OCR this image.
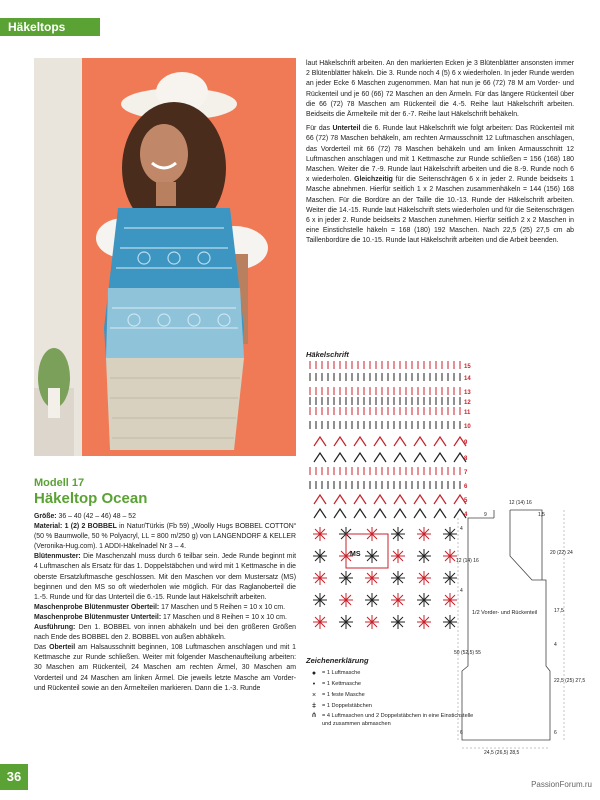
Häkeltops

laut Häkelschrift arbeiten. An den markierten Ecken je 3 Blütenblätter ansonsten immer 2 Blütenblätter häkeln. Die 3. Runde noch 4 (5) 6 x wiederholen. In jeder Runde werden an jeder Ecke 6 Maschen zugenommen. Man hat nun je 66 (72) 78 M am Vorder- und Rückenteil und je 60 (66) 72 Maschen an den Ärmeln. Für das längere Rückenteil über die 66 (72) 78 Maschen am Rückenteil die 4.-5. Reihe laut Häkelschrift arbeiten. Beidseits die Ärmelteile mit der 6.-7. Reihe laut Häkelschrift behäkeln.

Für das Unterteil die 6. Runde laut Häkelschrift wie folgt arbeiten: Das Rückenteil mit 66 (72) 78 Maschen behäkeln, am rechten Armausschnitt 12 Luftmaschen anschlagen, das Vorderteil mit 66 (72) 78 Maschen behäkeln und am linken Armausschnitt 12 Luftmaschen anschlagen und mit 1 Kettmasche zur Runde schließen = 156 (168) 180 Maschen. Weiter die 7.-9. Runde laut Häkelschrift arbeiten und die 8.-9. Runde noch 6 x wiederholen. Gleichzeitig für die Seitenschrägen 6 x in jeder 2. Runde beidseits 1 Masche abnehmen. Hierfür seitlich 1 x 2 Maschen zusammenhäkeln = 144 (156) 168 Maschen. Für die Bordüre an der Taille die 10.-13. Runde der Häkelschrift arbeiten. Weiter die 14.-15. Runde laut Häkelschrift stets wiederholen und für die Seitenschrägen 6 x in jeder 2. Runde beidseits 2 Maschen zunehmen. Hierfür seitlich 2 x 2 Maschen in eine Einstichstelle häkeln = 168 (180) 192 Maschen. Nach 22,5 (25) 27,5 cm ab Taillenbordüre die 10.-15. Runde laut Häkelschrift arbeiten und die Arbeit beenden.

Häkelschrift
15
14
13
12
11
10
9
8
7
6
5
4
MS
Zeichenerklärung
●	= 1 Luftmasche
•	= 1 Kettmasche
×	= 1 feste Masche
ǂ	= 1 Doppelstäbchen
⋔ = 4 Luftmaschen und 2 Doppelstäbchen in eine Einstichstelle und zusammen abmaschen
12 (14) 16
9	1,5
4
12 (14) 16
20 (22) 24
4
17,5
1/2 Vorder- und Rückenteil
50 (52,5) 55
4
22,5 (25) 27,5
6	6
24,5 (26,5) 28,5
Modell 17
Häkeltop Ocean

Größe: 36 – 40 (42 – 46) 48 – 52

Material: 1 (2) 2 BOBBEL in Natur/Türkis (Fb 59) „Woolly Hugs BOBBEL COTTON“ (50 % Baumwolle, 50 % Polyacryl, LL = 800 m/250 g) von LANGENDORF & KELLER (Veronika-Hug.com). 1 ADDI-Häkelnadel Nr 3 – 4.

Blütenmuster: Die Maschenzahl muss durch 6 teilbar sein. Jede Runde beginnt mit 4 Luftmaschen als Ersatz für das 1. Doppelstäbchen und wird mit 1 Kettmasche in die oberste Ersatzluftmasche geschlossen. Mit den Maschen vor dem Mustersatz (MS) beginnen und den MS so oft wiederholen wie möglich. Für das Raglanoberteil die 1.-5. Runde und für das Unterteil die 6.-15. Runde laut Häkelschrift arbeiten.

Maschenprobe Blütenmuster Oberteil: 17 Maschen und 5 Reihen = 10 x 10 cm.

Maschenprobe Blütenmuster Unterteil: 17 Maschen und 8 Reihen = 10 x 10 cm.

Ausführung: Den 1. BOBBEL von innen abhäkeln und bei den größeren Größen nach Ende des BOBBEL den 2. BOBBEL von außen abhäkeln.

Das Oberteil am Halsausschnitt beginnen, 108 Luftmaschen anschlagen und mit 1 Kettmasche zur Runde schließen. Weiter mit folgender Maschenaufteilung arbeiten: 30 Maschen am Rückenteil, 24 Maschen am rechten Ärmel, 30 Maschen am Vorderteil und 24 Maschen am linken Ärmel. Die jeweils letzte Masche am Vorder- und Rückenteil sowie an den Ärmelteilen markieren. Dann die 1.-3. Runde

36
PassionForum.ru
